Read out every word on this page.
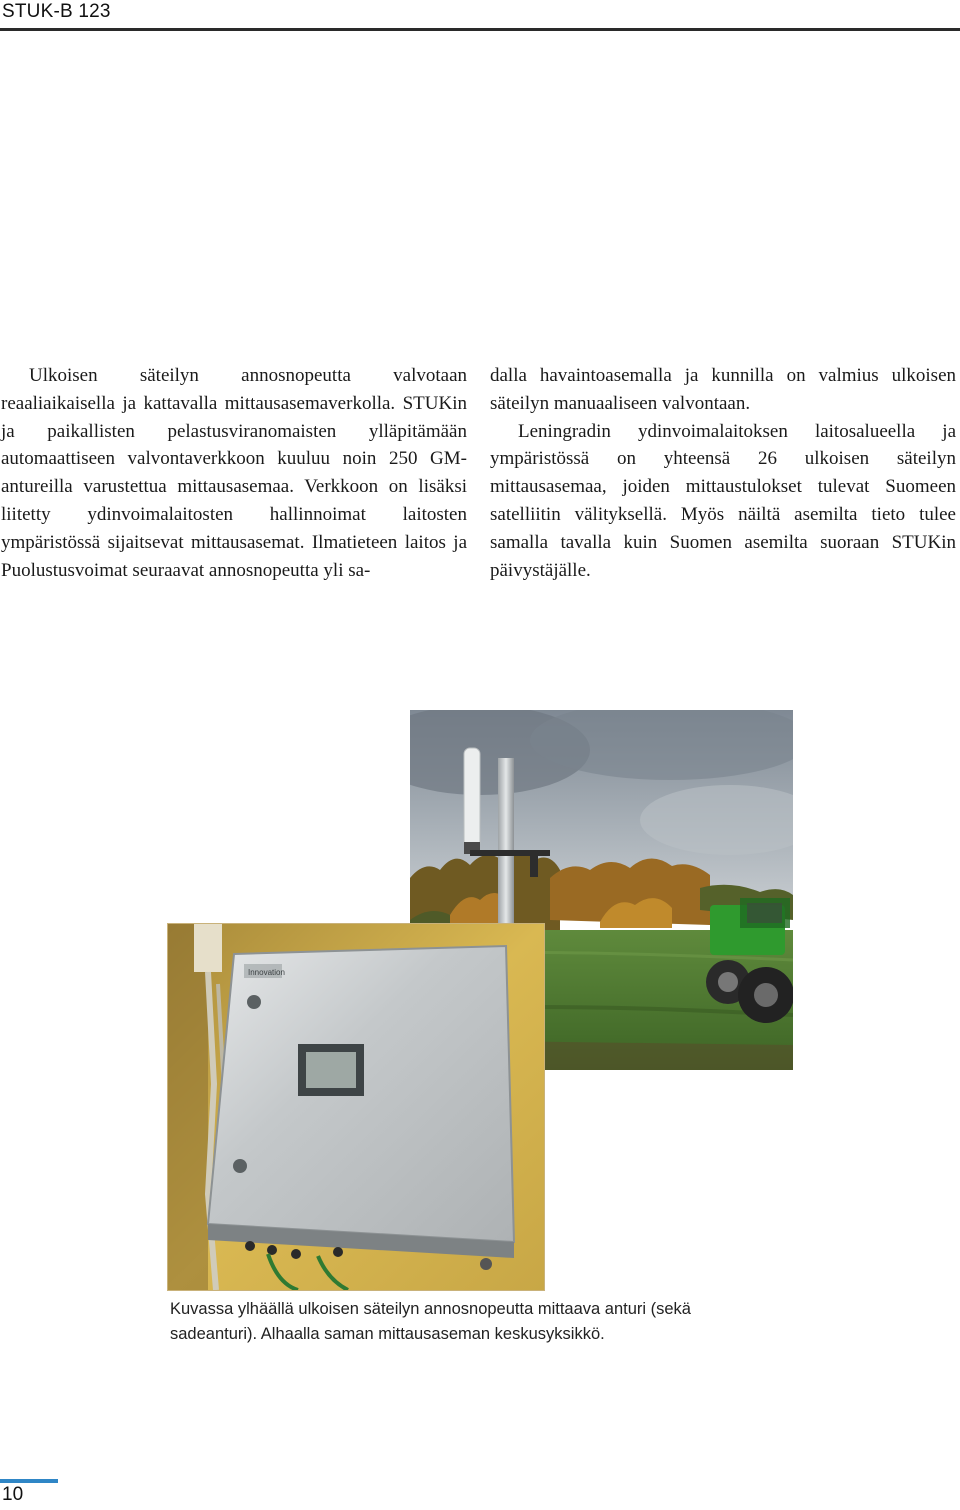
STUK-B 123

Ulkoisen säteilyn annosnopeutta valvotaan reaaliaikaisella ja kattavalla mittausasemaverkolla. STUKin ja paikallisten pelastusviranomaisten ylläpitämään automaattiseen valvontaverkkoon kuuluu noin 250 GM-antureilla varustettua mittausasemaa. Verkkoon on lisäksi liitetty ydinvoimalaitosten hallinnoimat laitosten ympäristössä sijaitsevat mittausasemat. Ilmatieteen laitos ja Puolustusvoimat seuraavat annosnopeutta yli sa-

dalla havaintoasemalla ja kunnilla on valmius ulkoisen säteilyn manuaaliseen valvontaan.

Leningradin ydinvoimalaitoksen laitosalueella ja ympäristössä on yhteensä 26 ulkoisen säteilyn mittausasemaa, joiden mittaustulokset tulevat Suomeen satelliitin välityksellä. Myös näiltä asemilta tieto tulee samalla tavalla kuin Suomen asemilta suoraan STUKin päivystäjälle.

Innovation

Kuvassa ylhäällä ulkoisen säteilyn annosnopeutta mittaava anturi (sekä

sadeanturi). Alhaalla saman mittausaseman keskusyksikkö.

10
